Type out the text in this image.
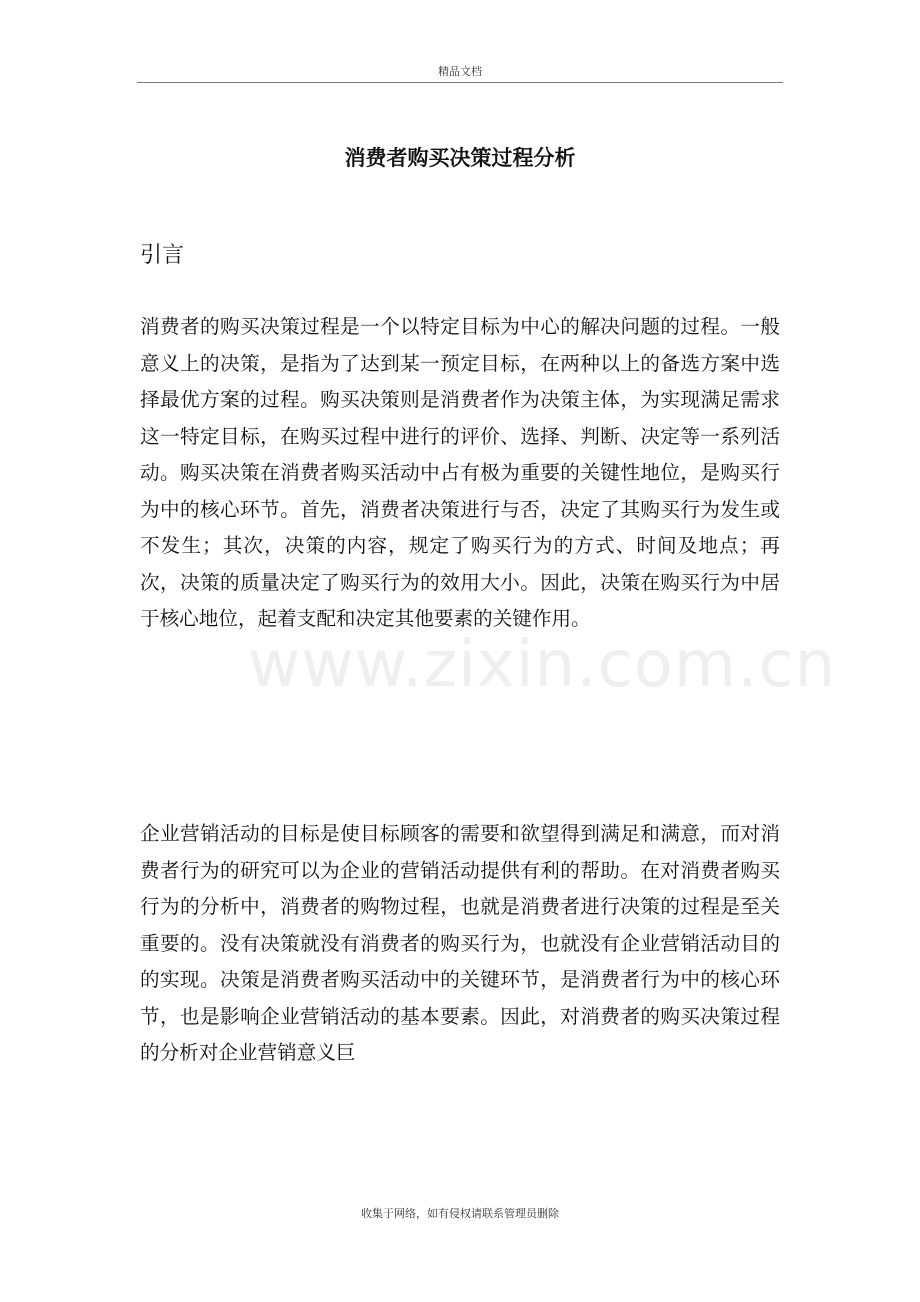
精品文档
消费者购买决策过程分析
引言

消费者的购买决策过程是一个以特定目标为中心的解决问题的过程。一般意义上的决策，是指为了达到某一预定目标，在两种以上的备选方案中选择最优方案的过程。购买决策则是消费者作为决策主体，为实现满足需求这一特定目标，在购买过程中进行的评价、选择、判断、决定等一系列活动。购买决策在消费者购买活动中占有极为重要的关键性地位，是购买行为中的核心环节。首先，消费者决策进行与否，决定了其购买行为发生或不发生；其次，决策的内容，规定了购买行为的方式、时间及地点；再次，决策的质量决定了购买行为的效用大小。因此，决策在购买行为中居于核心地位，起着支配和决定其他要素的关键作用。

www.zixin.com.cn

企业营销活动的目标是使目标顾客的需要和欲望得到满足和满意，而对消费者行为的研究可以为企业的营销活动提供有利的帮助。在对消费者购买行为的分析中，消费者的购物过程，也就是消费者进行决策的过程是至关重要的。没有决策就没有消费者的购买行为，也就没有企业营销活动目的的实现。决策是消费者购买活动中的关键环节，是消费者行为中的核心环节，也是影响企业营销活动的基本要素。因此，对消费者的购买决策过程的分析对企业营销意义巨

收集于网络，如有侵权请联系管理员删除
